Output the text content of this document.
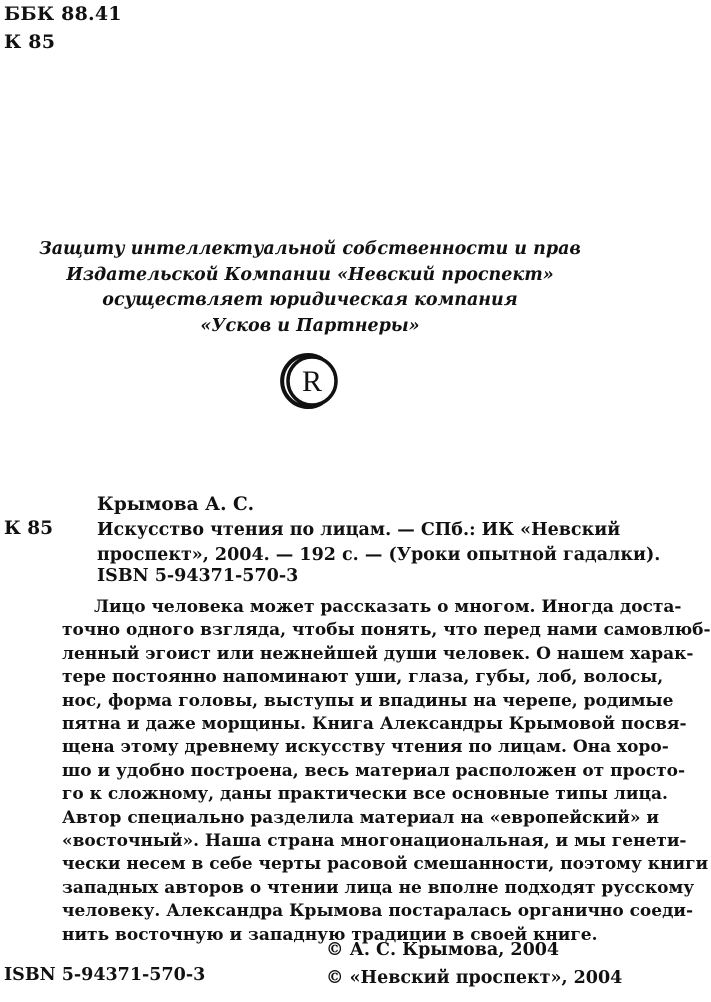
ББК 88.41
К 85
Защиту интеллектуальной собственности и прав
Издательской Компании «Невский проспект»
осуществляет юридическая компания
«Усков и Партнеры»
R
Крымова А. С.
К 85	Искусство чтения по лицам. — СПб.: ИК «Невский
проспект», 2004. — 192 с. — (Уроки опытной гадалки).
ISBN 5-94371-570-3
Лицо человека может рассказать о многом. Иногда доста-
точно одного взгляда, чтобы понять, что перед нами самовлюб-
ленный эгоист или нежнейшей души человек. О нашем харак-
тере постоянно напоминают уши, глаза, губы, лоб, волосы,
нос, форма головы, выступы и впадины на черепе, родимые
пятна и даже морщины. Книга Александры Крымовой посвя-
щена этому древнему искусству чтения по лицам. Она хоро-
шо и удобно построена, весь материал расположен от просто-
го к сложному, даны практически все основные типы лица.
Автор специально разделила материал на «европейский» и
«восточный». Наша страна многонациональная, и мы генети-
чески несем в себе черты расовой смешанности, поэтому книги
западных авторов о чтении лица не вполне подходят русскому
человеку. Александра Крымова постаралась органично соеди-
нить восточную и западную традиции в своей книге.
ISBN 5-94371-570-3
© А. С. Крымова, 2004
© «Невский проспект», 2004
